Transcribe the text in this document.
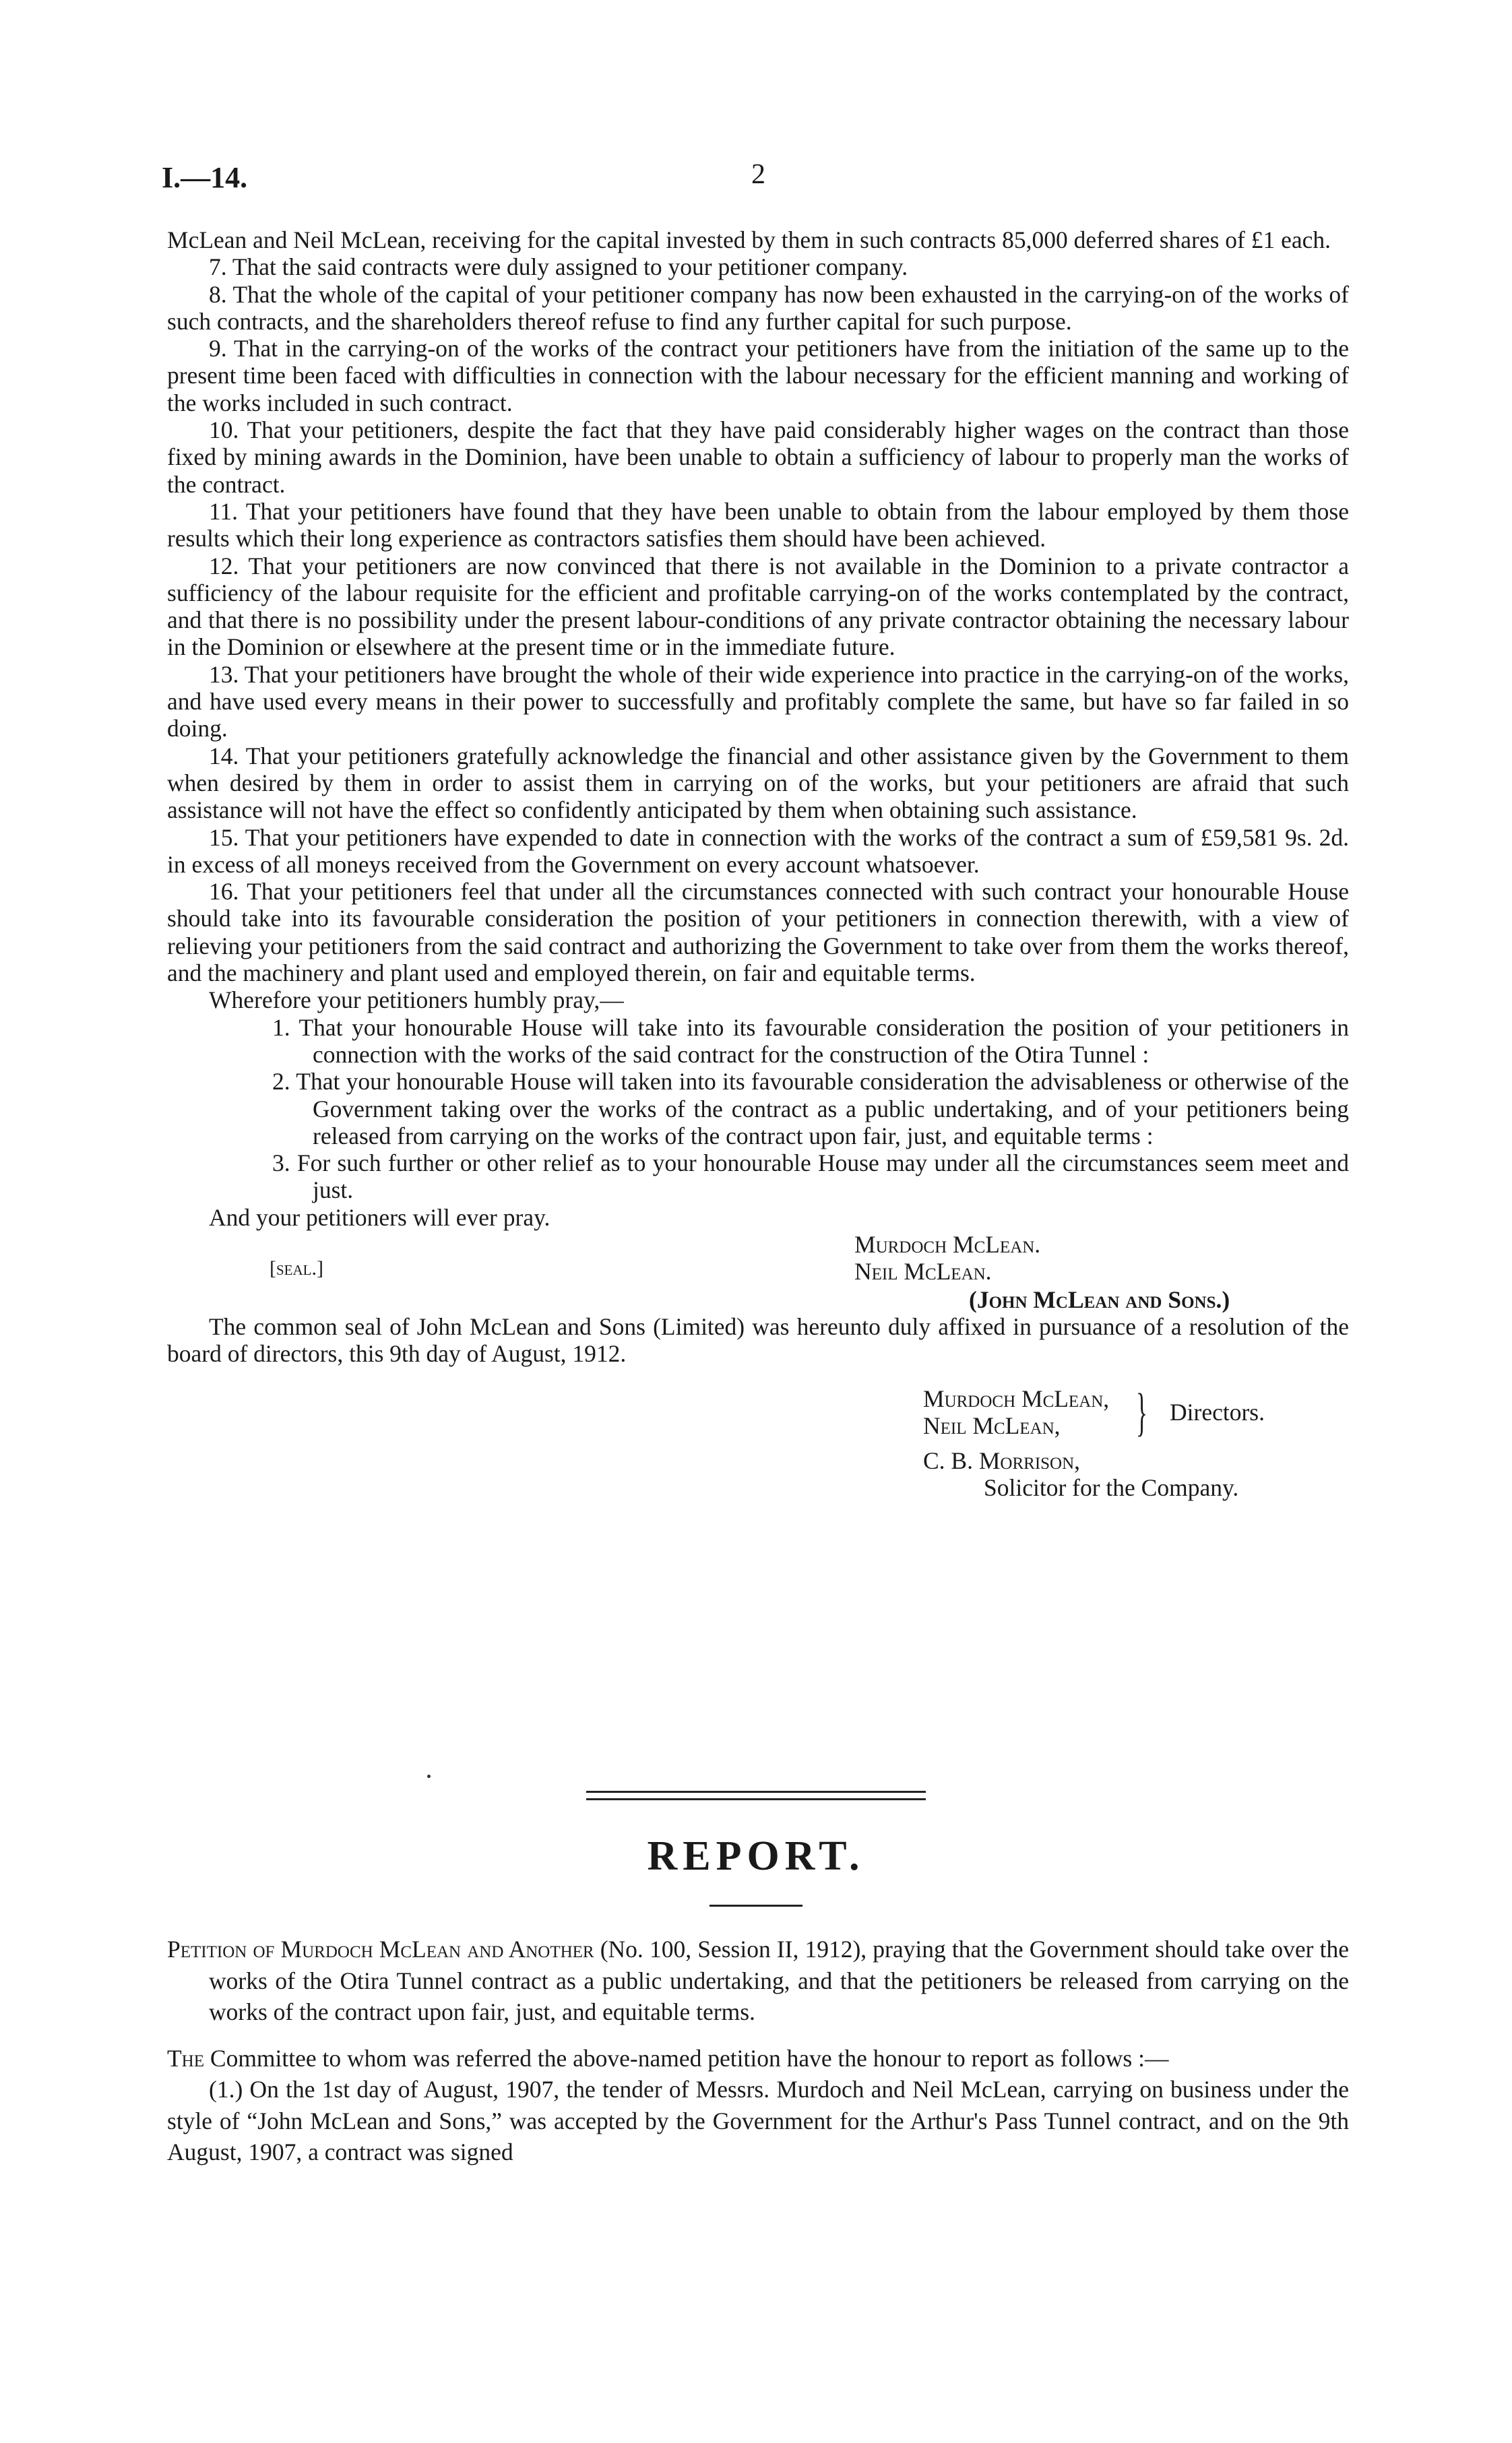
I.—14.	2

McLean and Neil McLean, receiving for the capital invested by them in such contracts 85,000 deferred shares of £1 each.

7. That the said contracts were duly assigned to your petitioner company.

8. That the whole of the capital of your petitioner company has now been exhausted in the carrying-on of the works of such contracts, and the shareholders thereof refuse to find any further capital for such purpose.

9. That in the carrying-on of the works of the contract your petitioners have from the initiation of the same up to the present time been faced with difficulties in connection with the labour necessary for the efficient manning and working of the works included in such contract.

10. That your petitioners, despite the fact that they have paid considerably higher wages on the contract than those fixed by mining awards in the Dominion, have been unable to obtain a sufficiency of labour to properly man the works of the contract.

11. That your petitioners have found that they have been unable to obtain from the labour employed by them those results which their long experience as contractors satisfies them should have been achieved.

12. That your petitioners are now convinced that there is not available in the Dominion to a private contractor a sufficiency of the labour requisite for the efficient and profitable carrying-on of the works contemplated by the contract, and that there is no possibility under the present labour-conditions of any private contractor obtaining the necessary labour in the Dominion or elsewhere at the present time or in the immediate future.

13. That your petitioners have brought the whole of their wide experience into practice in the carrying-on of the works, and have used every means in their power to successfully and profitably complete the same, but have so far failed in so doing.

14. That your petitioners gratefully acknowledge the financial and other assistance given by the Government to them when desired by them in order to assist them in carrying on of the works, but your petitioners are afraid that such assistance will not have the effect so confidently anticipated by them when obtaining such assistance.

15. That your petitioners have expended to date in connection with the works of the contract a sum of £59,581 9s. 2d. in excess of all moneys received from the Government on every account whatsoever.

16. That your petitioners feel that under all the circumstances connected with such contract your honourable House should take into its favourable consideration the position of your petitioners in connection therewith, with a view of relieving your petitioners from the said contract and authorizing the Government to take over from them the works thereof, and the machinery and plant used and employed therein, on fair and equitable terms.

Wherefore your petitioners humbly pray,—

1. That your honourable House will take into its favourable consideration the position of your petitioners in connection with the works of the said contract for the construction of the Otira Tunnel :

2. That your honourable House will taken into its favourable consideration the advisableness or otherwise of the Government taking over the works of the contract as a public undertaking, and of your petitioners being released from carrying on the works of the contract upon fair, just, and equitable terms :

3. For such further or other relief as to your honourable House may under all the circumstances seem meet and just.

And your petitioners will ever pray.

Murdoch McLean.
[seal.]	Neil McLean.
(John McLean and Sons.)

The common seal of John McLean and Sons (Limited) was hereunto duly affixed in pursuance of a resolution of the board of directors, this 9th day of August, 1912.

Murdoch McLean,
Neil McLean, } Directors.
C. B. Morrison,
Solicitor for the Company.
REPORT.

Petition of Murdoch McLean and Another (No. 100, Session II, 1912), praying that the Government should take over the works of the Otira Tunnel contract as a public undertaking, and that the petitioners be released from carrying on the works of the contract upon fair, just, and equitable terms.

The Committee to whom was referred the above-named petition have the honour to report as follows :—

(1.) On the 1st day of August, 1907, the tender of Messrs. Murdoch and Neil McLean, carrying on business under the style of “John McLean and Sons,” was accepted by the Government for the Arthur's Pass Tunnel contract, and on the 9th August, 1907, a contract was signed
